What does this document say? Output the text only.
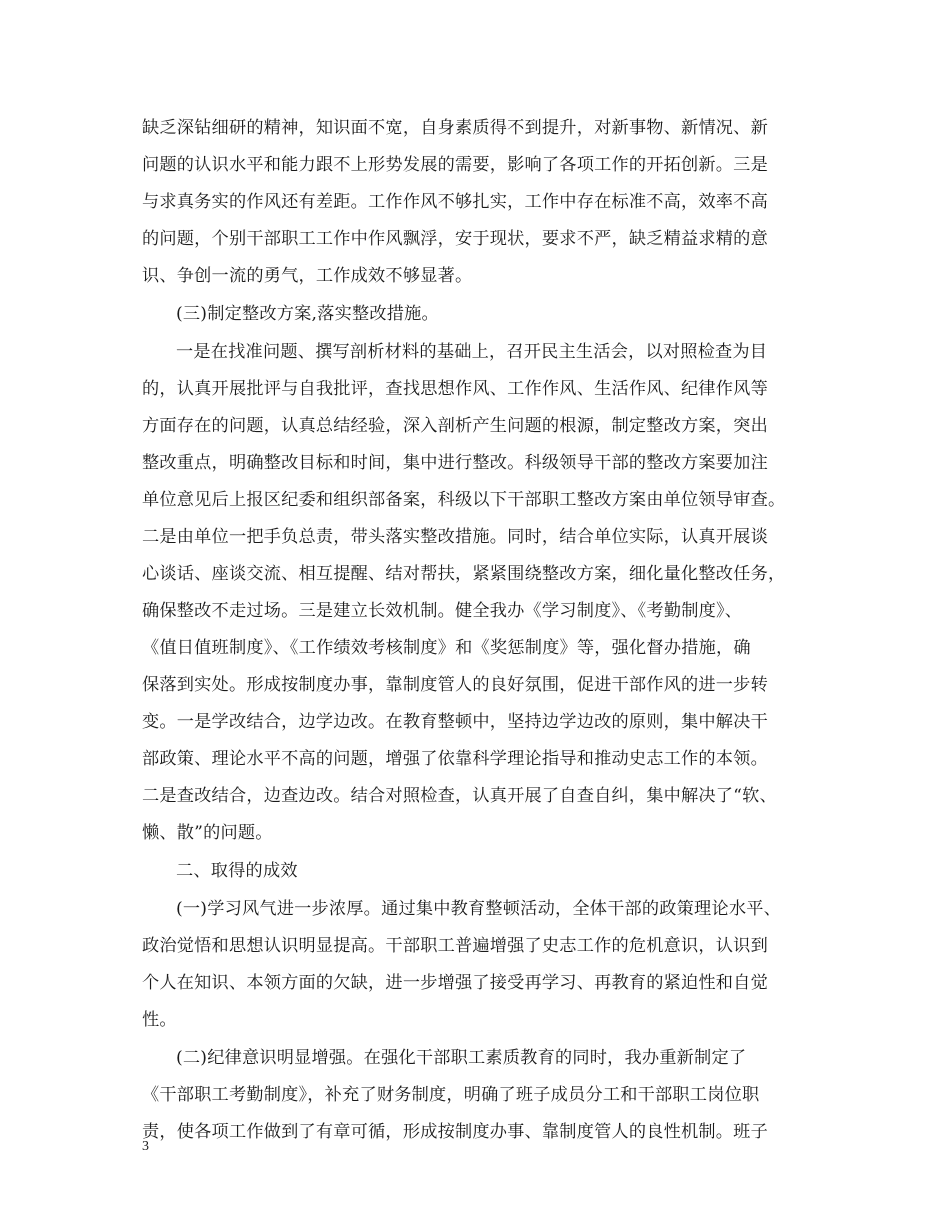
缺乏深钻细研的精神，知识面不宽，自身素质得不到提升，对新事物、新情况、新
问题的认识水平和能力跟不上形势发展的需要，影响了各项工作的开拓创新。三是
与求真务实的作风还有差距。工作作风不够扎实，工作中存在标准不高，效率不高
的问题，个别干部职工工作中作风飘浮，安于现状，要求不严，缺乏精益求精的意
识、争创一流的勇气，工作成效不够显著。
(三)制定整改方案,落实整改措施。
一是在找准问题、撰写剖析材料的基础上，召开民主生活会，以对照检查为目
的，认真开展批评与自我批评，查找思想作风、工作作风、生活作风、纪律作风等
方面存在的问题，认真总结经验，深入剖析产生问题的根源，制定整改方案，突出
整改重点，明确整改目标和时间，集中进行整改。科级领导干部的整改方案要加注
单位意见后上报区纪委和组织部备案，科级以下干部职工整改方案由单位领导审查。
二是由单位一把手负总责，带头落实整改措施。同时，结合单位实际，认真开展谈
心谈话、座谈交流、相互提醒、结对帮扶，紧紧围绕整改方案，细化量化整改任务，
确保整改不走过场。三是建立长效机制。健全我办《学习制度》、《考勤制度》、
《值日值班制度》、《工作绩效考核制度》和《奖惩制度》等，强化督办措施，确
保落到实处。形成按制度办事，靠制度管人的良好氛围，促进干部作风的进一步转
变。一是学改结合，边学边改。在教育整顿中，坚持边学边改的原则，集中解决干
部政策、理论水平不高的问题，增强了依靠科学理论指导和推动史志工作的本领。
二是查改结合，边查边改。结合对照检查，认真开展了自查自纠，集中解决了“软、
懒、散”的问题。
二、取得的成效
(一)学习风气进一步浓厚。通过集中教育整顿活动，全体干部的政策理论水平、
政治觉悟和思想认识明显提高。干部职工普遍增强了史志工作的危机意识，认识到
个人在知识、本领方面的欠缺，进一步增强了接受再学习、再教育的紧迫性和自觉
性。
(二)纪律意识明显增强。在强化干部职工素质教育的同时，我办重新制定了
《干部职工考勤制度》，补充了财务制度，明确了班子成员分工和干部职工岗位职
责，使各项工作做到了有章可循，形成按制度办事、靠制度管人的良性机制。班子
3
